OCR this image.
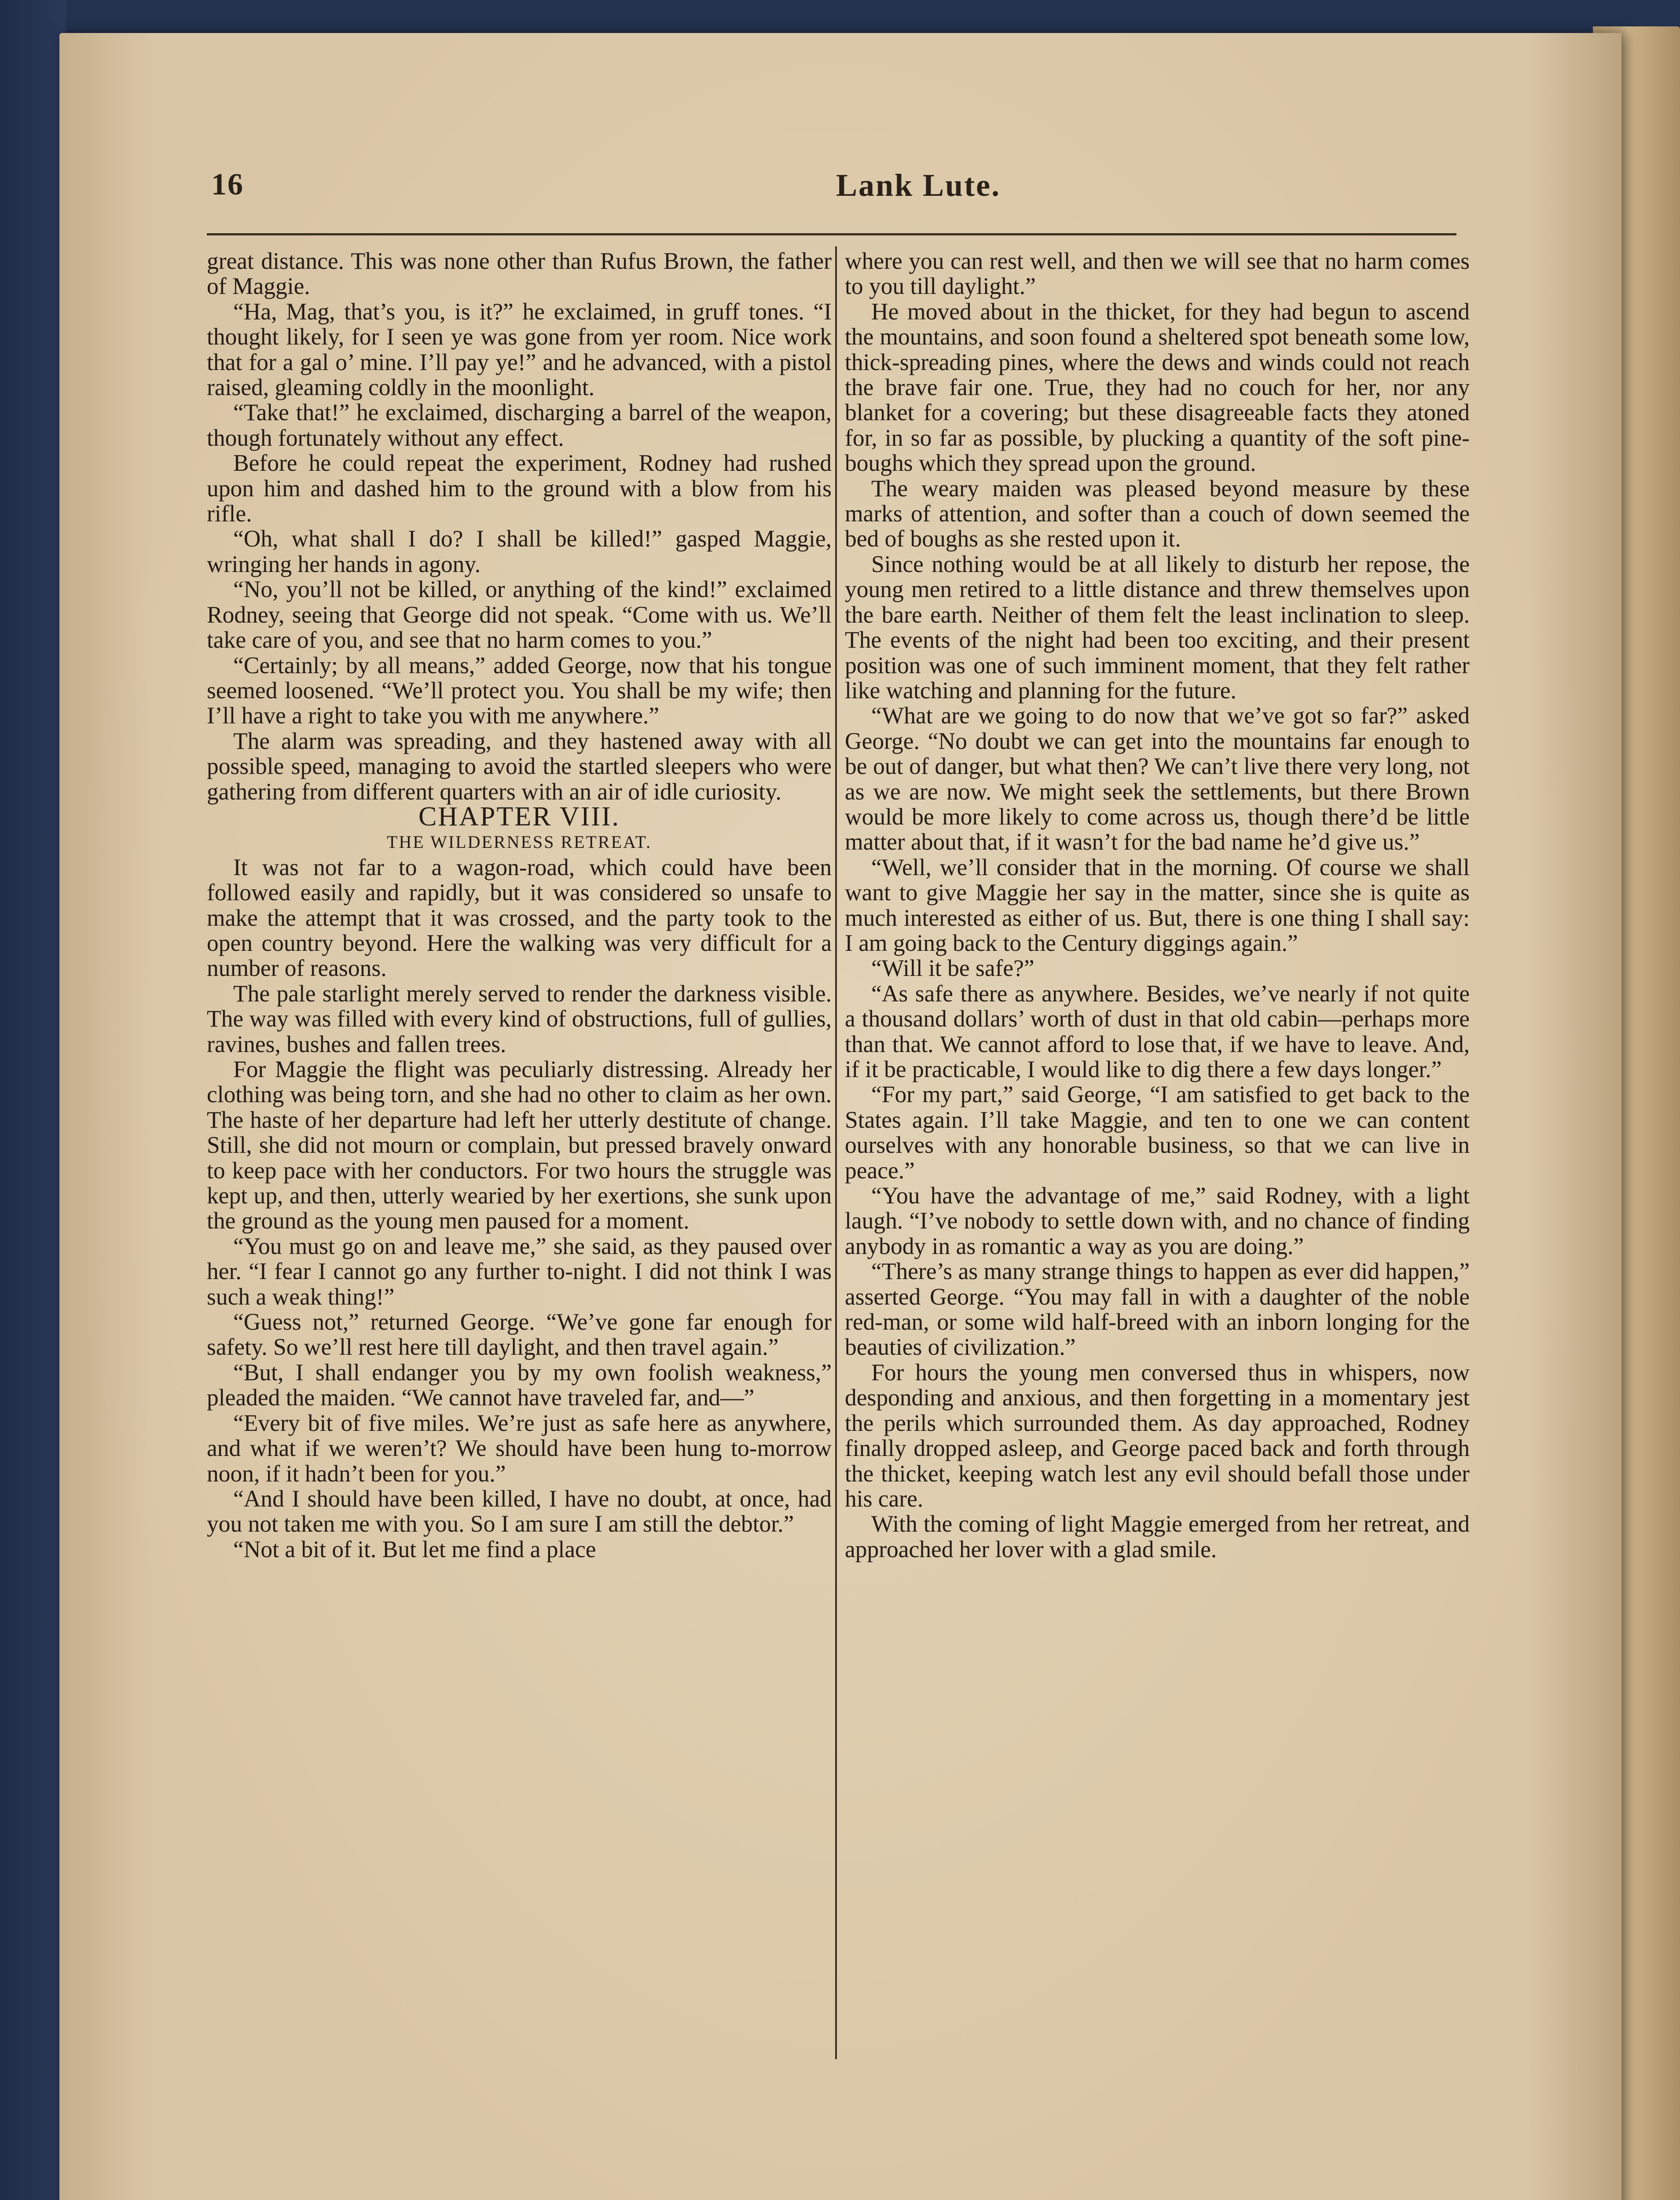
16	Lank Lute.

great distance. This was none other than Rufus Brown, the father of Maggie.

“Ha, Mag, that’s you, is it?” he exclaimed, in gruff tones. “I thought likely, for I seen ye was gone from yer room. Nice work that for a gal o’ mine. I’ll pay ye!” and he advanced, with a pistol raised, gleaming coldly in the moonlight.

“Take that!” he exclaimed, discharging a barrel of the weapon, though fortunately without any effect.

Before he could repeat the experiment, Rodney had rushed upon him and dashed him to the ground with a blow from his rifle.

“Oh, what shall I do? I shall be killed!” gasped Maggie, wringing her hands in agony.

“No, you’ll not be killed, or anything of the kind!” exclaimed Rodney, seeing that George did not speak. “Come with us. We’ll take care of you, and see that no harm comes to you.”

“Certainly; by all means,” added George, now that his tongue seemed loosened. “We’ll protect you. You shall be my wife; then I’ll have a right to take you with me anywhere.”

The alarm was spreading, and they hastened away with all possible speed, managing to avoid the startled sleepers who were gathering from different quarters with an air of idle curiosity.

CHAPTER VIII.

THE WILDERNESS RETREAT.

It was not far to a wagon-road, which could have been followed easily and rapidly, but it was considered so unsafe to make the attempt that it was crossed, and the party took to the open country beyond. Here the walking was very difficult for a number of reasons.

The pale starlight merely served to render the darkness visible. The way was filled with every kind of obstructions, full of gullies, ravines, bushes and fallen trees.

For Maggie the flight was peculiarly distressing. Already her clothing was being torn, and she had no other to claim as her own. The haste of her departure had left her utterly destitute of change. Still, she did not mourn or complain, but pressed bravely onward to keep pace with her conductors. For two hours the struggle was kept up, and then, utterly wearied by her exertions, she sunk upon the ground as the young men paused for a moment.

“You must go on and leave me,” she said, as they paused over her. “I fear I cannot go any further to-night. I did not think I was such a weak thing!”

“Guess not,” returned George. “We’ve gone far enough for safety. So we’ll rest here till daylight, and then travel again.”

“But, I shall endanger you by my own foolish weakness,” pleaded the maiden. “We cannot have traveled far, and—”

“Every bit of five miles. We’re just as safe here as anywhere, and what if we weren’t? We should have been hung to-morrow noon, if it hadn’t been for you.”

“And I should have been killed, I have no doubt, at once, had you not taken me with you. So I am sure I am still the debtor.”

“Not a bit of it. But let me find a place

where you can rest well, and then we will see that no harm comes to you till daylight.”

He moved about in the thicket, for they had begun to ascend the mountains, and soon found a sheltered spot beneath some low, thick-spreading pines, where the dews and winds could not reach the brave fair one. True, they had no couch for her, nor any blanket for a covering; but these disagreeable facts they atoned for, in so far as possible, by plucking a quantity of the soft pine-boughs which they spread upon the ground.

The weary maiden was pleased beyond measure by these marks of attention, and softer than a couch of down seemed the bed of boughs as she rested upon it.

Since nothing would be at all likely to disturb her repose, the young men retired to a little distance and threw themselves upon the bare earth. Neither of them felt the least inclination to sleep. The events of the night had been too exciting, and their present position was one of such imminent moment, that they felt rather like watching and planning for the future.

“What are we going to do now that we’ve got so far?” asked George. “No doubt we can get into the mountains far enough to be out of danger, but what then? We can’t live there very long, not as we are now. We might seek the settlements, but there Brown would be more likely to come across us, though there’d be little matter about that, if it wasn’t for the bad name he’d give us.”

“Well, we’ll consider that in the morning. Of course we shall want to give Maggie her say in the matter, since she is quite as much interested as either of us. But, there is one thing I shall say: I am going back to the Century diggings again.”

“Will it be safe?”

“As safe there as anywhere. Besides, we’ve nearly if not quite a thousand dollars’ worth of dust in that old cabin—perhaps more than that. We cannot afford to lose that, if we have to leave. And, if it be practicable, I would like to dig there a few days longer.”

“For my part,” said George, “I am satisfied to get back to the States again. I’ll take Maggie, and ten to one we can content ourselves with any honorable business, so that we can live in peace.”

“You have the advantage of me,” said Rodney, with a light laugh. “I’ve nobody to settle down with, and no chance of finding anybody in as romantic a way as you are doing.”

“There’s as many strange things to happen as ever did happen,” asserted George. “You may fall in with a daughter of the noble red-man, or some wild half-breed with an inborn longing for the beauties of civilization.”

For hours the young men conversed thus in whispers, now desponding and anxious, and then forgetting in a momentary jest the perils which surrounded them. As day approached, Rodney finally dropped asleep, and George paced back and forth through the thicket, keeping watch lest any evil should befall those under his care.

With the coming of light Maggie emerged from her retreat, and approached her lover with a glad smile.
